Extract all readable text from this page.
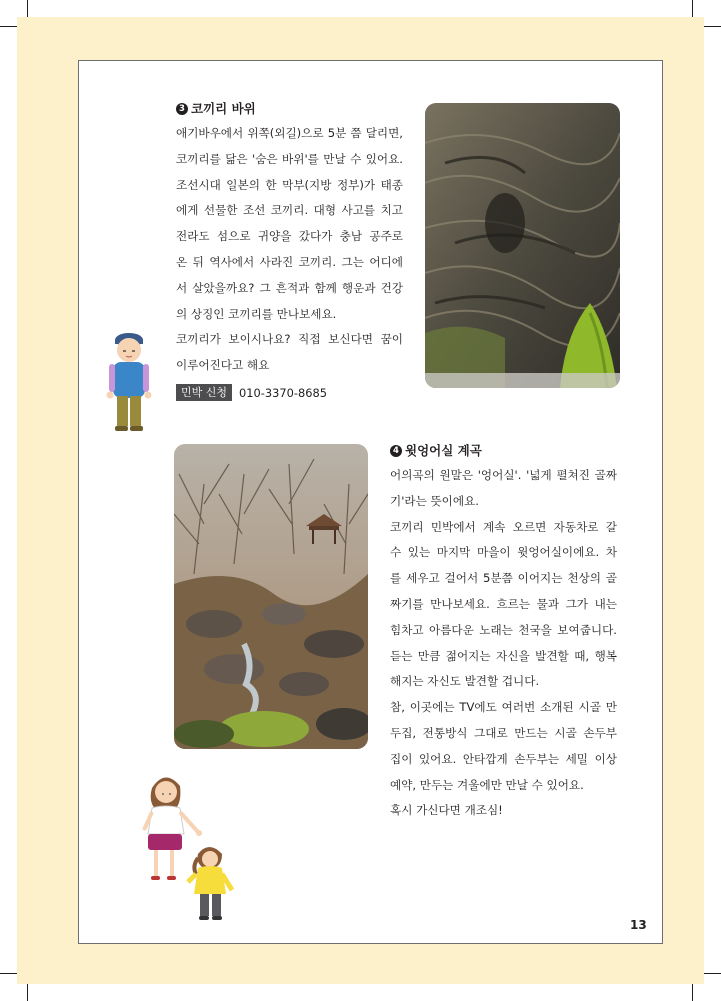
3 코끼리 바위

애기바우에서 위쪽(외길)으로 5분 쯤 달리면,

코끼리를 닮은 '숨은 바위'를 만날 수 있어요.

조선시대 일본의 한 막부(지방 정부)가 태종

에게 선물한 조선 코끼리. 대형 사고를 치고

전라도 섬으로 귀양을 갔다가 충남 공주로

온 뒤 역사에서 사라진 코끼리. 그는 어디에

서 살았을까요? 그 흔적과 함께 행운과 건강

의 상징인 코끼리를 만나보세요.

코끼리가 보이시나요? 직접 보신다면 꿈이

이루어진다고 해요

민박 신청	010-3370-8685
4 윗엉어실 계곡

어의곡의 원말은 '엉어실'. '넓게 펼쳐진 골짜

기'라는 뜻이에요.

코끼리 민박에서 계속 오르면 자동차로 갈

수 있는 마지막 마을이 윗엉어실이에요. 차

를 세우고 걸어서 5분쯤 이어지는 천상의 골

짜기를 만나보세요. 흐르는 물과 그가 내는

힘차고 아름다운 노래는 천국을 보여줍니다.

듣는 만큼 젊어지는 자신을 발견할 때, 행복

해지는 자신도 발견할 겁니다.

참, 이곳에는 TV에도 여러번 소개된 시골 만

두집, 전통방식 그대로 만드는 시골 손두부

집이 있어요. 안타깝게 손두부는 세밀 이상

예약, 만두는 겨울에만 만날 수 있어요.

혹시 가신다면 개조심!

13
